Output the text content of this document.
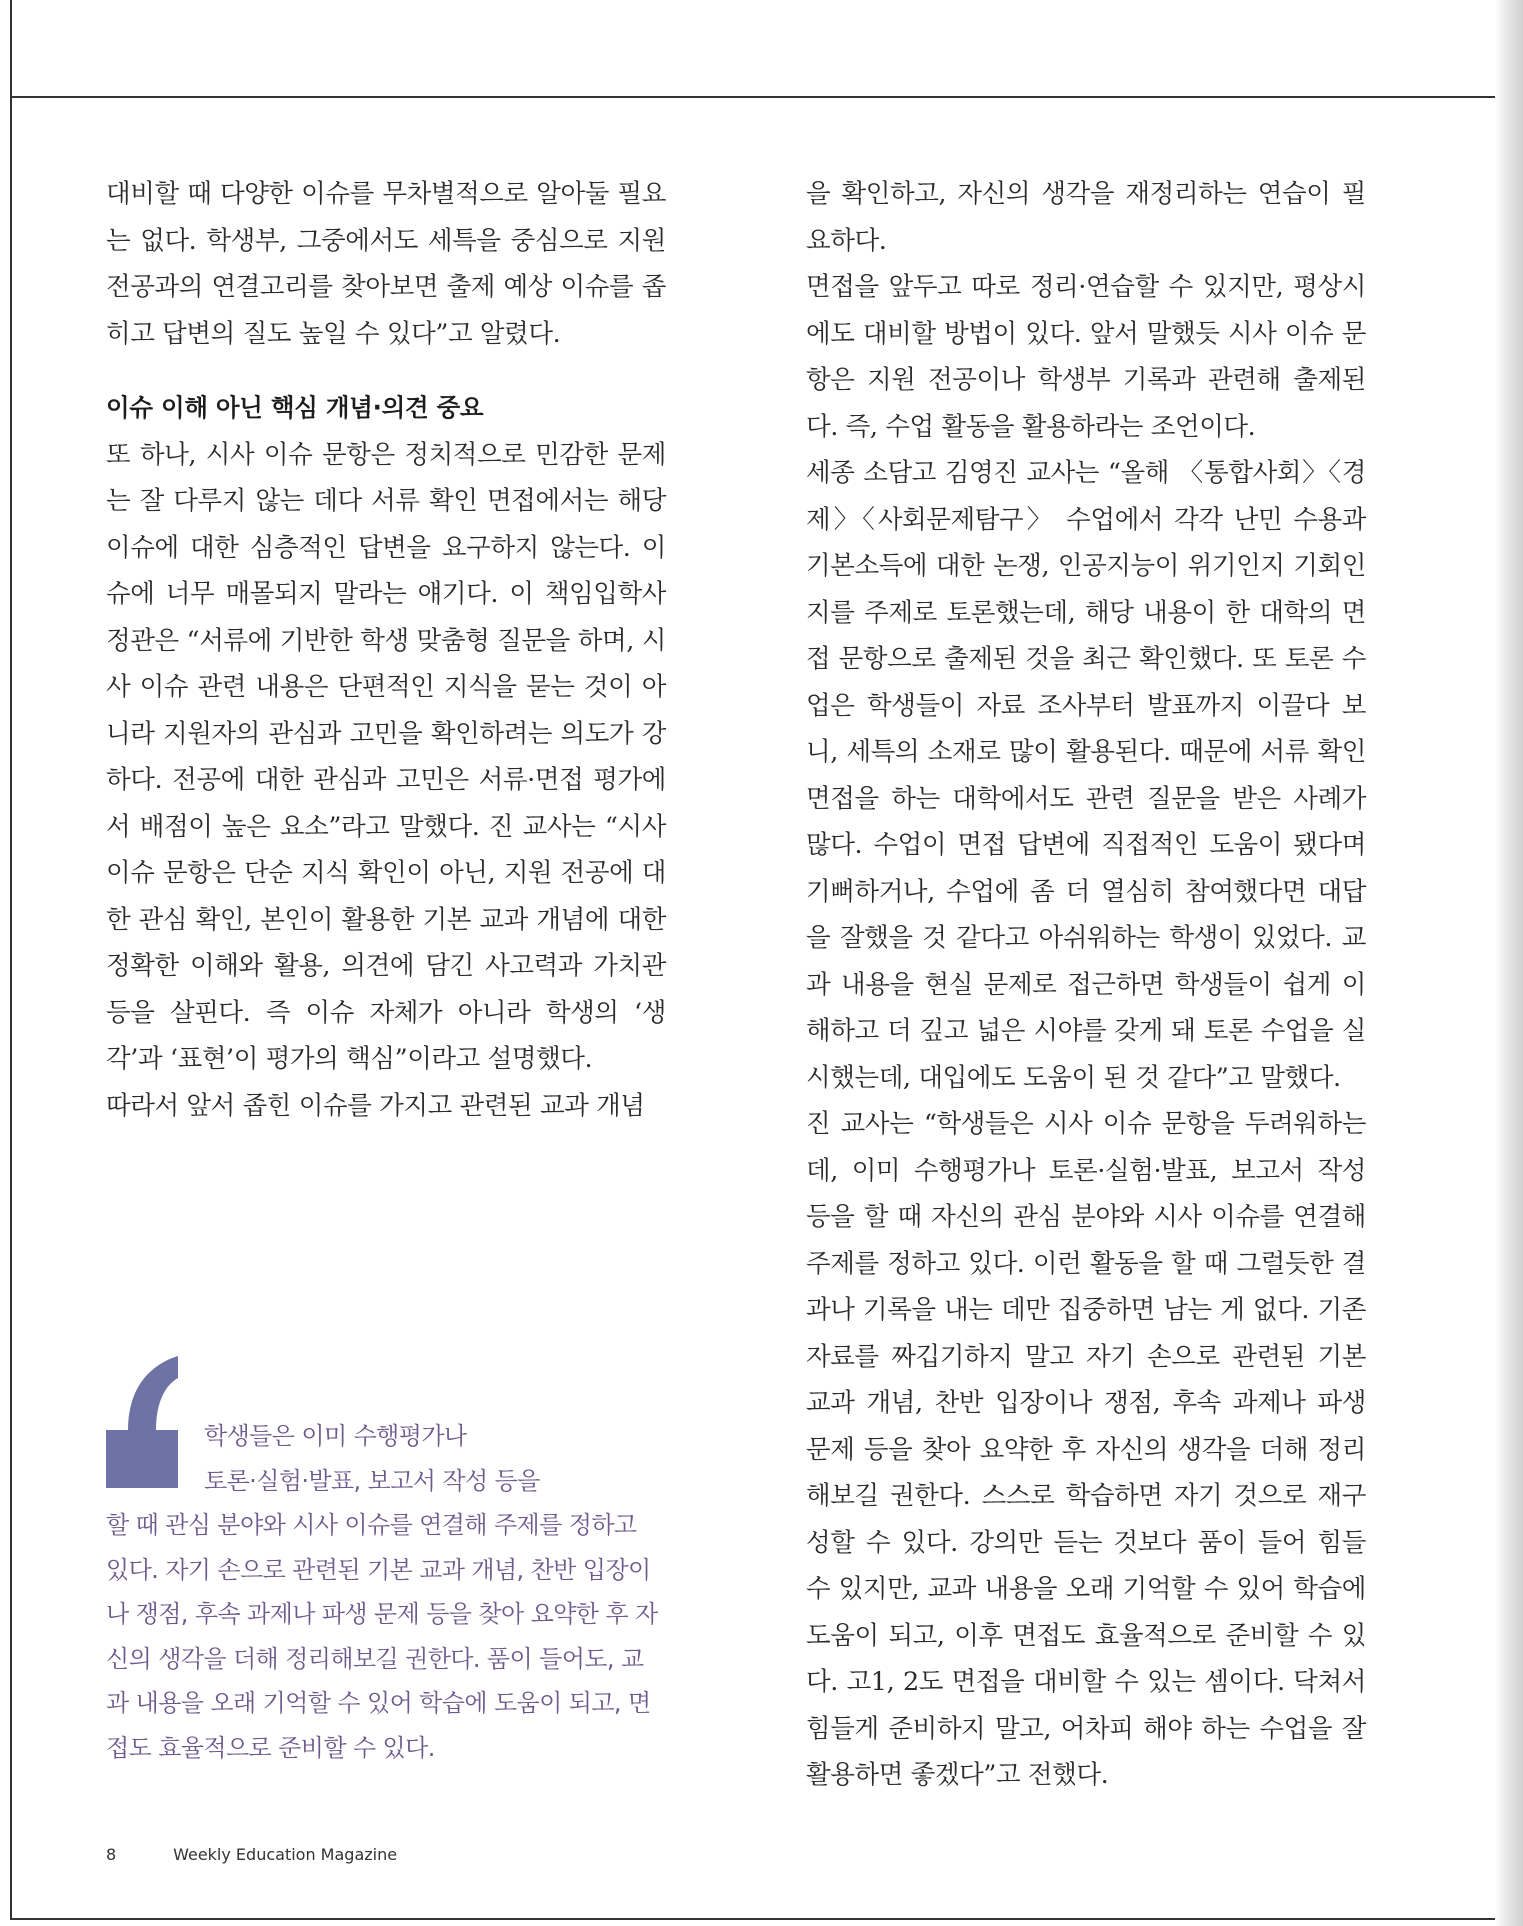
대비할 때 다양한 이슈를 무차별적으로 알아둘 필요는 없다. 학생부, 그중에서도 세특을 중심으로 지원 전공과의 연결고리를 찾아보면 출제 예상 이슈를 좁히고 답변의 질도 높일 수 있다”고 알렸다.

이슈 이해 아닌 핵심 개념·의견 중요

또 하나, 시사 이슈 문항은 정치적으로 민감한 문제는 잘 다루지 않는 데다 서류 확인 면접에서는 해당 이슈에 대한 심층적인 답변을 요구하지 않는다. 이슈에 너무 매몰되지 말라는 얘기다. 이 책임입학사정관은 “서류에 기반한 학생 맞춤형 질문을 하며, 시사 이슈 관련 내용은 단편적인 지식을 묻는 것이 아니라 지원자의 관심과 고민을 확인하려는 의도가 강하다. 전공에 대한 관심과 고민은 서류·면접 평가에서 배점이 높은 요소”라고 말했다. 진 교사는 “시사 이슈 문항은 단순 지식 확인이 아닌, 지원 전공에 대한 관심 확인, 본인이 활용한 기본 교과 개념에 대한 정확한 이해와 활용, 의견에 담긴 사고력과 가치관 등을 살핀다. 즉 이슈 자체가 아니라 학생의 ‘생각’과 ‘표현’이 평가의 핵심”이라고 설명했다.

따라서 앞서 좁힌 이슈를 가지고 관련된 교과 개념

학생들은 이미 수행평가나
토론·실험·발표, 보고서 작성 등을
할 때 관심 분야와 시사 이슈를 연결해 주제를 정하고 있다. 자기 손으로 관련된 기본 교과 개념, 찬반 입장이나 쟁점, 후속 과제나 파생 문제 등을 찾아 요약한 후 자신의 생각을 더해 정리해보길 권한다. 품이 들어도, 교과 내용을 오래 기억할 수 있어 학습에 도움이 되고, 면접도 효율적으로 준비할 수 있다.

을 확인하고, 자신의 생각을 재정리하는 연습이 필요하다.

면접을 앞두고 따로 정리·연습할 수 있지만, 평상시에도 대비할 방법이 있다. 앞서 말했듯 시사 이슈 문항은 지원 전공이나 학생부 기록과 관련해 출제된다. 즉, 수업 활동을 활용하라는 조언이다.

세종 소담고 김영진 교사는 “올해 〈통합사회〉〈경제〉〈사회문제탐구〉 수업에서 각각 난민 수용과 기본소득에 대한 논쟁, 인공지능이 위기인지 기회인지를 주제로 토론했는데, 해당 내용이 한 대학의 면접 문항으로 출제된 것을 최근 확인했다. 또 토론 수업은 학생들이 자료 조사부터 발표까지 이끌다 보니, 세특의 소재로 많이 활용된다. 때문에 서류 확인 면접을 하는 대학에서도 관련 질문을 받은 사례가 많다. 수업이 면접 답변에 직접적인 도움이 됐다며 기뻐하거나, 수업에 좀 더 열심히 참여했다면 대답을 잘했을 것 같다고 아쉬워하는 학생이 있었다. 교과 내용을 현실 문제로 접근하면 학생들이 쉽게 이해하고 더 깊고 넓은 시야를 갖게 돼 토론 수업을 실시했는데, 대입에도 도움이 된 것 같다”고 말했다.

진 교사는 “학생들은 시사 이슈 문항을 두려워하는데, 이미 수행평가나 토론·실험·발표, 보고서 작성 등을 할 때 자신의 관심 분야와 시사 이슈를 연결해 주제를 정하고 있다. 이런 활동을 할 때 그럴듯한 결과나 기록을 내는 데만 집중하면 남는 게 없다. 기존 자료를 짜깁기하지 말고 자기 손으로 관련된 기본 교과 개념, 찬반 입장이나 쟁점, 후속 과제나 파생 문제 등을 찾아 요약한 후 자신의 생각을 더해 정리해보길 권한다. 스스로 학습하면 자기 것으로 재구성할 수 있다. 강의만 듣는 것보다 품이 들어 힘들 수 있지만, 교과 내용을 오래 기억할 수 있어 학습에 도움이 되고, 이후 면접도 효율적으로 준비할 수 있다. 고1, 2도 면접을 대비할 수 있는 셈이다. 닥쳐서 힘들게 준비하지 말고, 어차피 해야 하는 수업을 잘 활용하면 좋겠다”고 전했다.

8	Weekly Education Magazine
